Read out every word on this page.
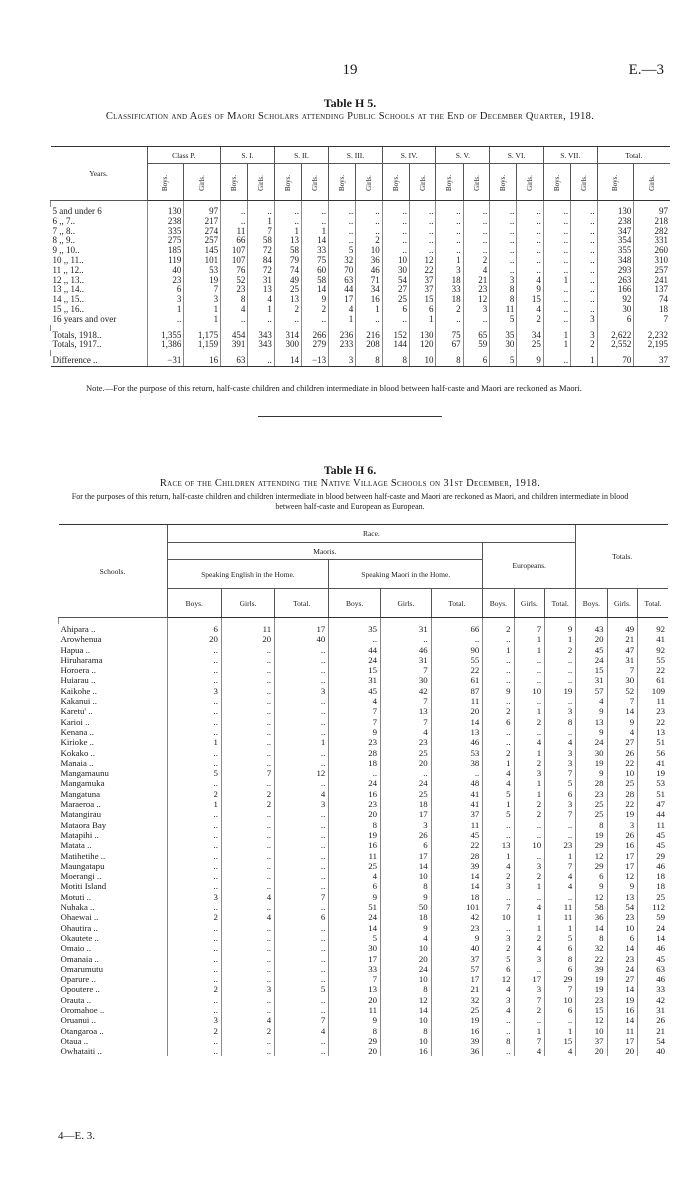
19	E.—3
Table H 5.
Classification and Ages of Maori Scholars attending Public Schools at the End of December Quarter, 1918.
Years.	Class P.		S. I.		S. II.		S. III.		S. IV.		S. V.		S. VI.		S. VII.		Total.	
	Boys.	Girls.	Boys.	Girls.	Boys.	Girls.	Boys.	Girls.	Boys.	Girls.	Boys.	Girls.	Boys.	Girls.	Boys.	Girls.	Boys.	Girls.

5 and under 6	130	97	..	..	..	..	..	..	..	..	..	..	..	..	..	..	130	97
6 ,, 7..	238	217	..	1	..	..	..	..	..	..	..	..	..	..	..	..	238	218
7 ,, 8..	335	274	11	7	1	1	..	..	..	..	..	..	..	..	..	..	347	282
8 ,, 9..	275	257	66	58	13	14	..	2	..	..	..	..	..	..	..	..	354	331
9 ,, 10..	185	145	107	72	58	33	5	10	..	..	..	..	..	..	..	..	355	260
10 ,, 11..	119	101	107	84	79	75	32	36	10	12	1	2	..	..	..	..	348	310
11 ,, 12..	40	53	76	72	74	60	70	46	30	22	3	4	..	..	..	..	293	257
12 ,, 13..	23	19	52	31	49	58	63	71	54	37	18	21	3	4	1	..	263	241
13 ,, 14..	6	7	23	13	25	14	44	34	27	37	33	23	8	9	..	..	166	137
14 ,, 15..	3	3	8	4	13	9	17	16	25	15	18	12	8	15	..	..	92	74
15 ,, 16..	1	1	4	1	2	2	4	1	6	6	2	3	11	4	..	..	30	18
16 years and over	..	1	..	..	..	..	1	..	..	1	..	..	5	2	..	3	6	7

Totals, 1918..	1,355	1,175	454	343	314	266	236	216	152	130	75	65	35	34	1	3	2,622	2,232
Totals, 1917..	1,386	1,159	391	343	300	279	233	208	144	120	67	59	30	25	1	2	2,552	2,195

Difference ..	−31	16	63	..	14	−13	3	8	8	10	8	6	5	9	..	1	70	37
Note.—For the purpose of this return, half-caste children and children intermediate in blood between half-caste and Maori are reckoned as Maori.
Table H 6.
Race of the Children attending the Native Village Schools on 31st December, 1918.
For the purposes of this return, half-caste children and children intermediate in blood between half-caste and Maori are reckoned as Maori, and children intermediate in blood between half-caste and European as European.
Schools.	Race.									Totals.		
	Maoris.						Europeans.					
	Speaking English in the Home.			Speaking Maori in the Home.								
	Boys.	Girls.	Total.	Boys.	Girls.	Total.	Boys.	Girls.	Total.	Boys.	Girls.	Total.

Ahipara ..	6	11	17	35	31	66	2	7	9	43	49	92
Arowhenua	20	20	40	..	..	..	..	1	1	20	21	41
Hapua ..	..	..	..	44	46	90	1	1	2	45	47	92
Hiruharama	..	..	..	24	31	55	..	..	..	24	31	55
Horoera ..	..	..	..	15	7	22	..	..	..	15	7	22
Huiarau ..	..	..	..	31	30	61	..	..	..	31	30	61
Kaikohe ..	3	..	3	45	42	87	9	10	19	57	52	109
Kakanui ..	..	..	..	4	7	11	..	..	..	4	7	11
Karetu' ..	..	..	..	7	13	20	2	1	3	9	14	23
Karioi ..	..	..	..	7	7	14	6	2	8	13	9	22
Kenana ..	..	..	..	9	4	13	..	..	..	9	4	13
Kirioke ..	1	..	1	23	23	46	..	4	4	24	27	51
Kokako ..	..	..	..	28	25	53	2	1	3	30	26	56
Manaia ..	..	..	..	18	20	38	1	2	3	19	22	41
Mangamaunu	5	7	12	..	..	..	4	3	7	9	10	19
Mangamuka	..	..	..	24	24	48	4	1	5	28	25	53
Mangatuna	2	2	4	16	25	41	5	1	6	23	28	51
Maraeroa ..	1	2	3	23	18	41	1	2	3	25	22	47
Matangirau	..	..	..	20	17	37	5	2	7	25	19	44
Mataora Bay	..	..	..	8	3	11	..	..	..	8	3	11
Matapihi ..	..	..	..	19	26	45	..	..	..	19	26	45
Matata ..	..	..	..	16	6	22	13	10	23	29	16	45
Matihetihe ..	..	..	..	11	17	28	1	..	1	12	17	29
Maungatapu	..	..	..	25	14	39	4	3	7	29	17	46
Moerangi ..	..	..	..	4	10	14	2	2	4	6	12	18
Motiti Island	..	..	..	6	8	14	3	1	4	9	9	18
Motuti ..	3	4	7	9	9	18	..	..	..	12	13	25
Nuhaka ..	..	..	..	51	50	101	7	4	11	58	54	112
Ohaewai ..	2	4	6	24	18	42	10	1	11	36	23	59
Ohautira ..	..	..	..	14	9	23	..	1	1	14	10	24
Okautete ..	..	..	..	5	4	9	3	2	5	8	6	14
Omaio ..	..	..	..	30	10	40	2	4	6	32	14	46
Omanaia ..	..	..	..	17	20	37	5	3	8	22	23	45
Omarumutu	..	..	..	33	24	57	6	..	6	39	24	63
Oparure ..	..	..	..	7	10	17	12	17	29	19	27	46
Opoutere ..	2	3	5	13	8	21	4	3	7	19	14	33
Orauta ..	..	..	..	20	12	32	3	7	10	23	19	42
Oromahoe ..	..	..	..	11	14	25	4	2	6	15	16	31
Oruanui ..	3	4	7	9	10	19	..	..	..	12	14	26
Otangaroa ..	2	2	4	8	8	16	..	1	1	10	11	21
Otaua ..	..	..	..	29	10	39	8	7	15	37	17	54
Owhataiti ..	..	..	..	20	16	36	..	4	4	20	20	40
4—E. 3.
